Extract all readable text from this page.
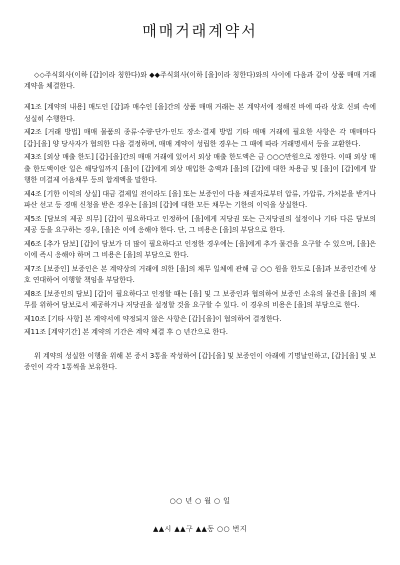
매매거래계약서

◇◇주식회사(이하 [갑]이라 칭한다)와 ◆◆주식회사(이하 [을]이라 칭한다)와의 사이에 다음과 같이 상품 매매 거래 계약을 체결한다.

제1조 [계약의 내용] 매도인 [갑]과 매수인 [을]간의 상품 매매 거래는 본 계약서에 정해진 바에 따라 상호 신뢰 속에 성실히 수행한다.

제2조 [거래 방법] 매매 물품의 종류·수량·단가·인도 장소·결제 방법 기타 매매 거래에 필요한 사항은 각 매매마다 [갑]·[을] 양 당사자가 협의한 다음 결정하며, 매매 계약이 성립한 경우는 그 때에 따라 거래명세서 등을 교환한다.

제3조 [외상 매출 한도] [갑]·[을]간의 매매 거래에 있어서 외상 매출 한도액은 금 ○○○만원으로 정한다. 이때 외상 매출 한도액이란 일은 해당일까지 [을]이 [갑]에게 외상 매입한 총액과 [을]의 [갑]에 대한 차용금 및 [을]이 [갑]에게 발행한 미결제 어음채무 등의 합계액을 말한다.

제4조 [기한 이익의 상실] 대금 결제일 전이라도 [을] 또는 보증인이 다음 채권자로부터 압류, 가압류, 가처분을 받거나 파산 선고 등 경매 신청을 받은 경우는 [을]의 [갑]에 대한 모든 채무는 기한의 이익을 상실한다.

제5조 [담보의 제공 의무] [갑]이 필요하다고 인정하여 [을]에게 저당권 또는 근저당권의 설정이나 기타 다른 담보의 제공 등을 요구하는 경우, [을]은 이에 응해야 한다. 단, 그 비용은 [을]의 부담으로 한다.

제6조 [추가 담보] [갑]이 담보가 더 많이 필요하다고 인정한 경우에는 [을]에게 추가 물건을 요구할 수 있으며, [을]은 이에 즉시 응해야 하며 그 비용은 [을]의 부담으로 한다.

제7조 [보증인] 보증인은 본 계약상의 거래에 의한 [을]의 채무 일체에 관해 금 ○○ 원을 한도로 [을]과 보증인간에 상호 연대하여 이행할 책임을 부담한다.

제8조 [보증인의 담보] [갑]이 필요하다고 인정할 때는 [을] 및 그 보증인과 협의하여 보증인 소유의 물건을 [을]의 채무를 위하여 담보로서 제공하거나 저당권을 설정할 것을 요구할 수 있다. 이 경우의 비용은 [을]의 부담으로 한다.

제10조 [기타 사항] 본 계약서에 약정되지 않은 사항은 [갑]·[을]이 협의하여 결정한다.

제11조 [계약기간] 본 계약의 기간은 계약 체결 후 ○ 년간으로 한다.

위 계약의 성실한 이행을 위해 본 증서 3통을 작성하여 [갑]·[을] 및 보증인이 아래에 기명날인하고, [갑]·[을] 및 보증인이 각각 1통씩을 보유한다.

○○ 년 ○ 월 ○ 일
▲▲시 ▲▲구 ▲▲동 ○○ 번지
